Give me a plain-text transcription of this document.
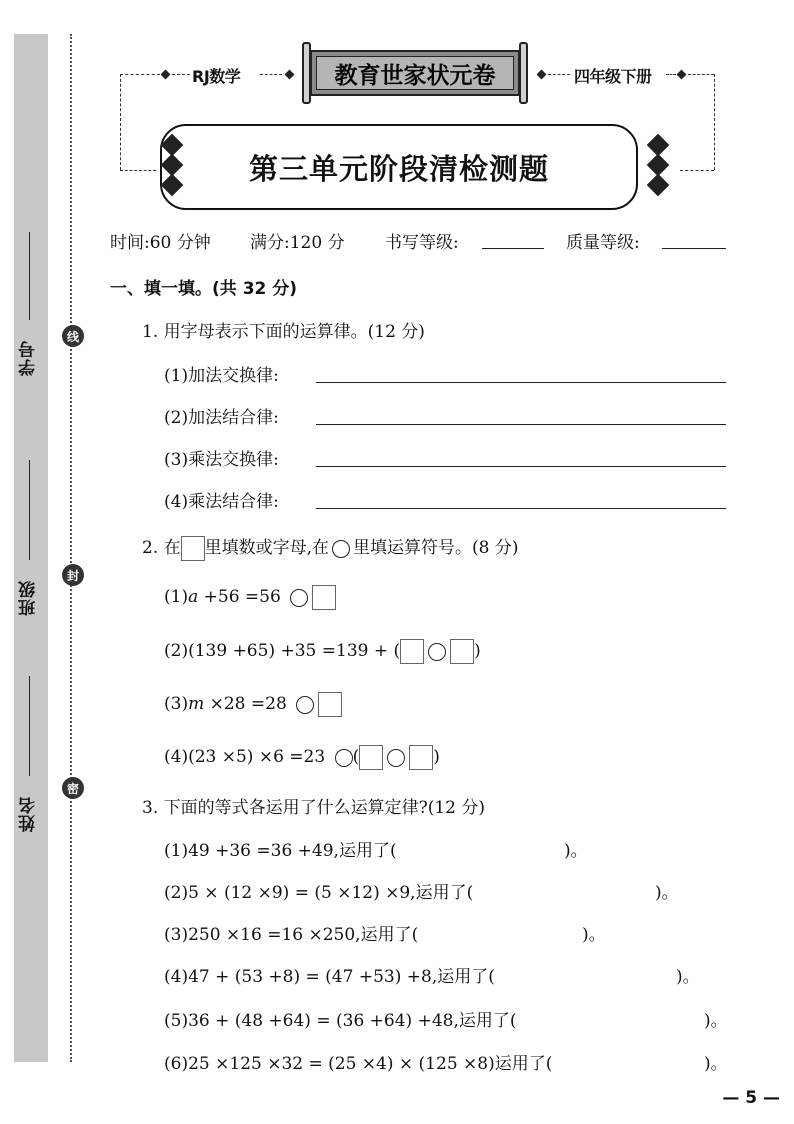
学号
班级
姓名
线
封
密
RJ数学	教育世家状元卷	四年级下册
第三单元阶段清检测题
时间:60 分钟 满分:120 分 书写等级:	质量等级:
一、填一填。(共 32 分)
1. 用字母表示下面的运算律。(12 分)
(1)加法交换律:
(2)加法结合律:
(3)乘法交换律:
(4)乘法结合律:
2. 在 里填数或字母,在 里填运算符号。(8 分)
(1)a +56 =56
(2)(139 +65) +35 =139 + (	)
(3)m ×28 =28
(4)(23 ×5) ×6 =23 (	)
3. 下面的等式各运用了什么运算定律?(12 分)
(1)49 +36 =36 +49,运用了(	)。
(2)5 × (12 ×9) = (5 ×12) ×9,运用了(	)。
(3)250 ×16 =16 ×250,运用了(	)。
(4)47 + (53 +8) = (47 +53) +8,运用了(	)。
(5)36 + (48 +64) = (36 +64) +48,运用了(	)。
(6)25 ×125 ×32 = (25 ×4) × (125 ×8)运用了(	)。
— 5 —
